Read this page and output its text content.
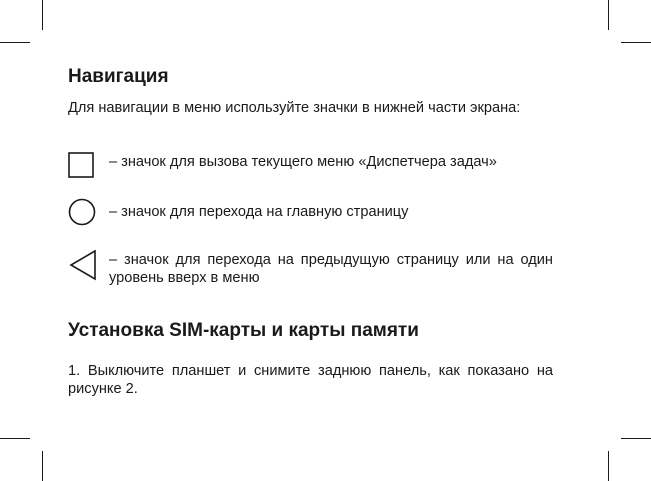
Навигация

Для навигации в меню используйте значки в нижней части экрана:

– значок для вызова текущего меню «Диспетчера задач»

– значок для перехода на главную страницу

– значок для перехода на предыдущую страницу или на один уровень вверх в меню

Установка SIM-карты и карты памяти

1. Выключите планшет и снимите заднюю панель, как показано на рисунке 2.
